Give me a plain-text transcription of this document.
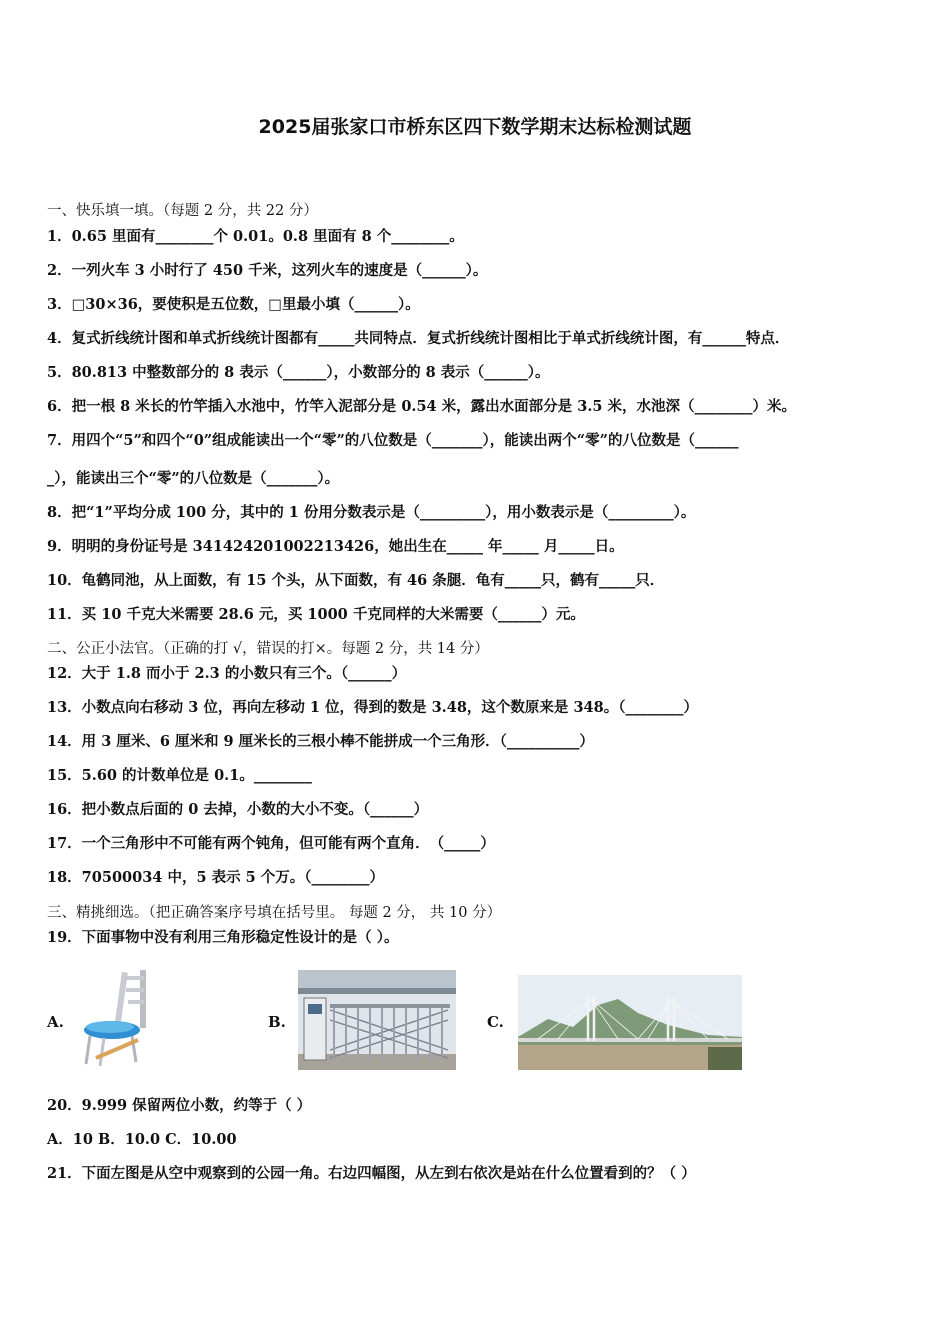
2025届张家口市桥东区四下数学期末达标检测试题
一、快乐填一填。（每题 2 分，共 22 分）
1．0.65 里面有________个 0.01。0.8 里面有 8 个________。
2．一列火车 3 小时行了 450 千米，这列火车的速度是（______）。
3．□30×36，要使积是五位数，□里最小填（______）。
4．复式折线统计图和单式折线统计图都有_____共同特点．复式折线统计图相比于单式折线统计图，有______特点．
5．80.813 中整数部分的 8 表示（______），小数部分的 8 表示（______）。
6．把一根 8 米长的竹竿插入水池中，竹竿入泥部分是 0.54 米，露出水面部分是 3.5 米，水池深（________）米。
7．用四个“5”和四个“0”组成能读出一个“零”的八位数是（_______），能读出两个“零”的八位数是（______
_），能读出三个“零”的八位数是（_______）。
8．把“1”平均分成 100 分，其中的 1 份用分数表示是（_________），用小数表示是（_________）。
9．明明的身份证号是 341424201002213426，她出生在_____ 年_____ 月_____日。
10．龟鹤同池，从上面数，有 15 个头，从下面数，有 46 条腿．龟有_____只，鹤有_____只．
11．买 10 千克大米需要 28.6 元，买 1000 千克同样的大米需要（______）元。
二、公正小法官。（正确的打 √，错误的打×。每题 2 分，共 14 分）
12．大于 1.8 而小于 2.3 的小数只有三个。（______）
13．小数点向右移动 3 位，再向左移动 1 位，得到的数是 3.48，这个数原来是 348。（________）
14．用 3 厘米、6 厘米和 9 厘米长的三根小棒不能拼成一个三角形．（__________）
15．5.60 的计数单位是 0.1。________
16．把小数点后面的 0 去掉，小数的大小不变。（______）
17．一个三角形中不可能有两个钝角，但可能有两个直角．　（_____）
18．70500034 中，5 表示 5 个万。（________）
三、精挑细选。（把正确答案序号填在括号里。 每题 2 分， 共 10 分）
19．下面事物中没有利用三角形稳定性设计的是（ ）。
A.	B.	C.
20．9.999 保留两位小数，约等于（ ）
A．10 B．10.0 C．10.00
21．下面左图是从空中观察到的公园一角。右边四幅图，从左到右依次是站在什么位置看到的？（ ）
